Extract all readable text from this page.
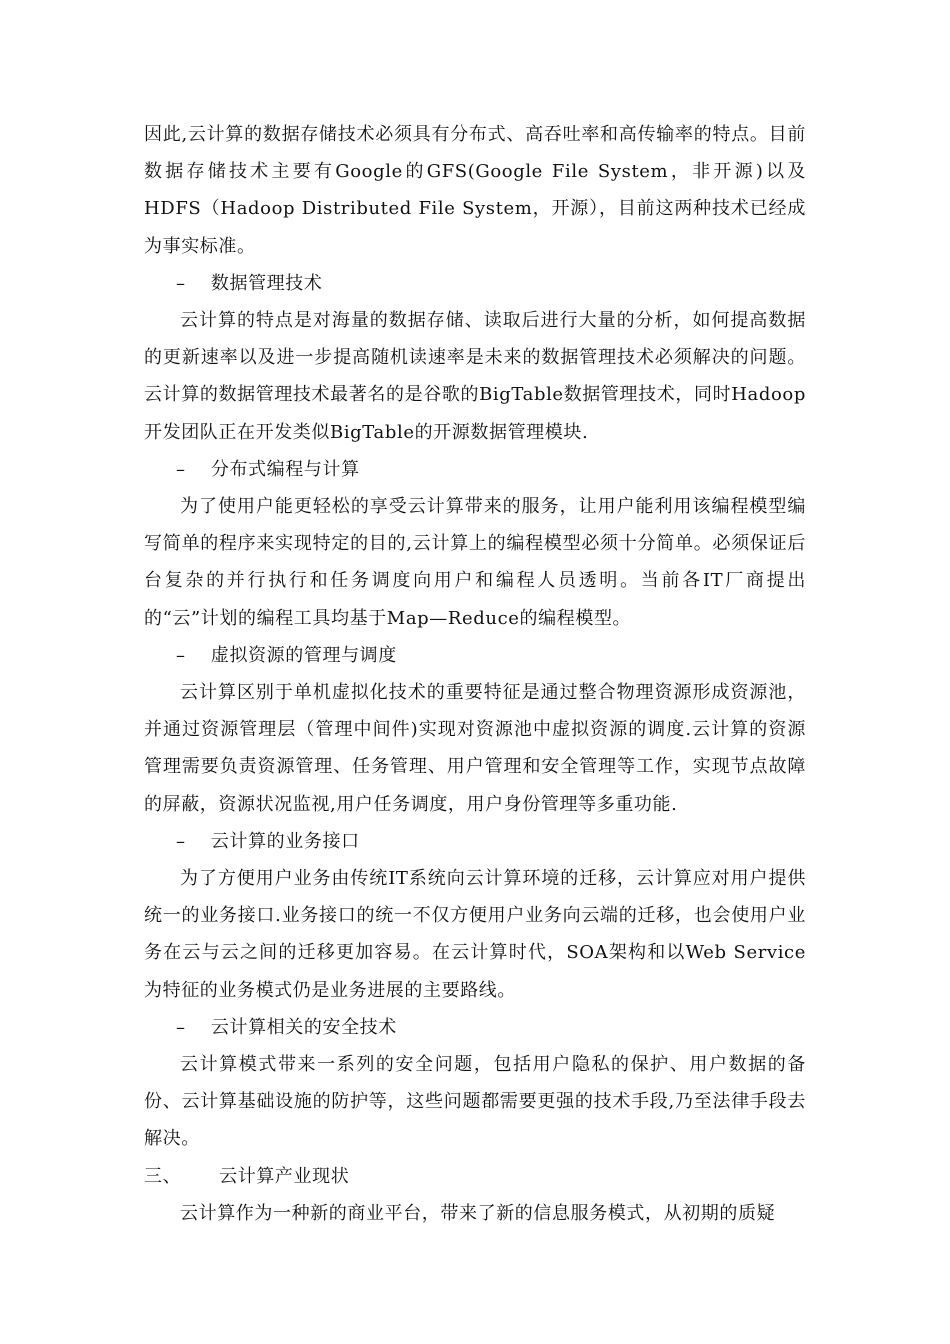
因此,云计算的数据存储技术必须具有分布式、高吞吐率和高传输率的特点。目前数据存储技术主要有Google的GFS(Google File System，非开源)以及HDFS（Hadoop Distributed File System，开源），目前这两种技术已经成为事实标准。

–    数据管理技术

云计算的特点是对海量的数据存储、读取后进行大量的分析，如何提高数据的更新速率以及进一步提高随机读速率是未来的数据管理技术必须解决的问题。云计算的数据管理技术最著名的是谷歌的BigTable数据管理技术，同时Hadoop开发团队正在开发类似BigTable的开源数据管理模块.

–    分布式编程与计算

为了使用户能更轻松的享受云计算带来的服务，让用户能利用该编程模型编写简单的程序来实现特定的目的,云计算上的编程模型必须十分简单。必须保证后台复杂的并行执行和任务调度向用户和编程人员透明。当前各IT厂商提出的“云”计划的编程工具均基于Map—Reduce的编程模型。

–    虚拟资源的管理与调度

云计算区别于单机虚拟化技术的重要特征是通过整合物理资源形成资源池，并通过资源管理层（管理中间件)实现对资源池中虚拟资源的调度.云计算的资源管理需要负责资源管理、任务管理、用户管理和安全管理等工作，实现节点故障的屏蔽，资源状况监视,用户任务调度，用户身份管理等多重功能.

–    云计算的业务接口

为了方便用户业务由传统IT系统向云计算环境的迁移，云计算应对用户提供统一的业务接口.业务接口的统一不仅方便用户业务向云端的迁移，也会使用户业务在云与云之间的迁移更加容易。在云计算时代，SOA架构和以Web Service为特征的业务模式仍是业务进展的主要路线。

–    云计算相关的安全技术

云计算模式带来一系列的安全问题，包括用户隐私的保护、用户数据的备份、云计算基础设施的防护等，这些问题都需要更强的技术手段,乃至法律手段去解决。

三、      云计算产业现状

云计算作为一种新的商业平台，带来了新的信息服务模式，从初期的质疑
